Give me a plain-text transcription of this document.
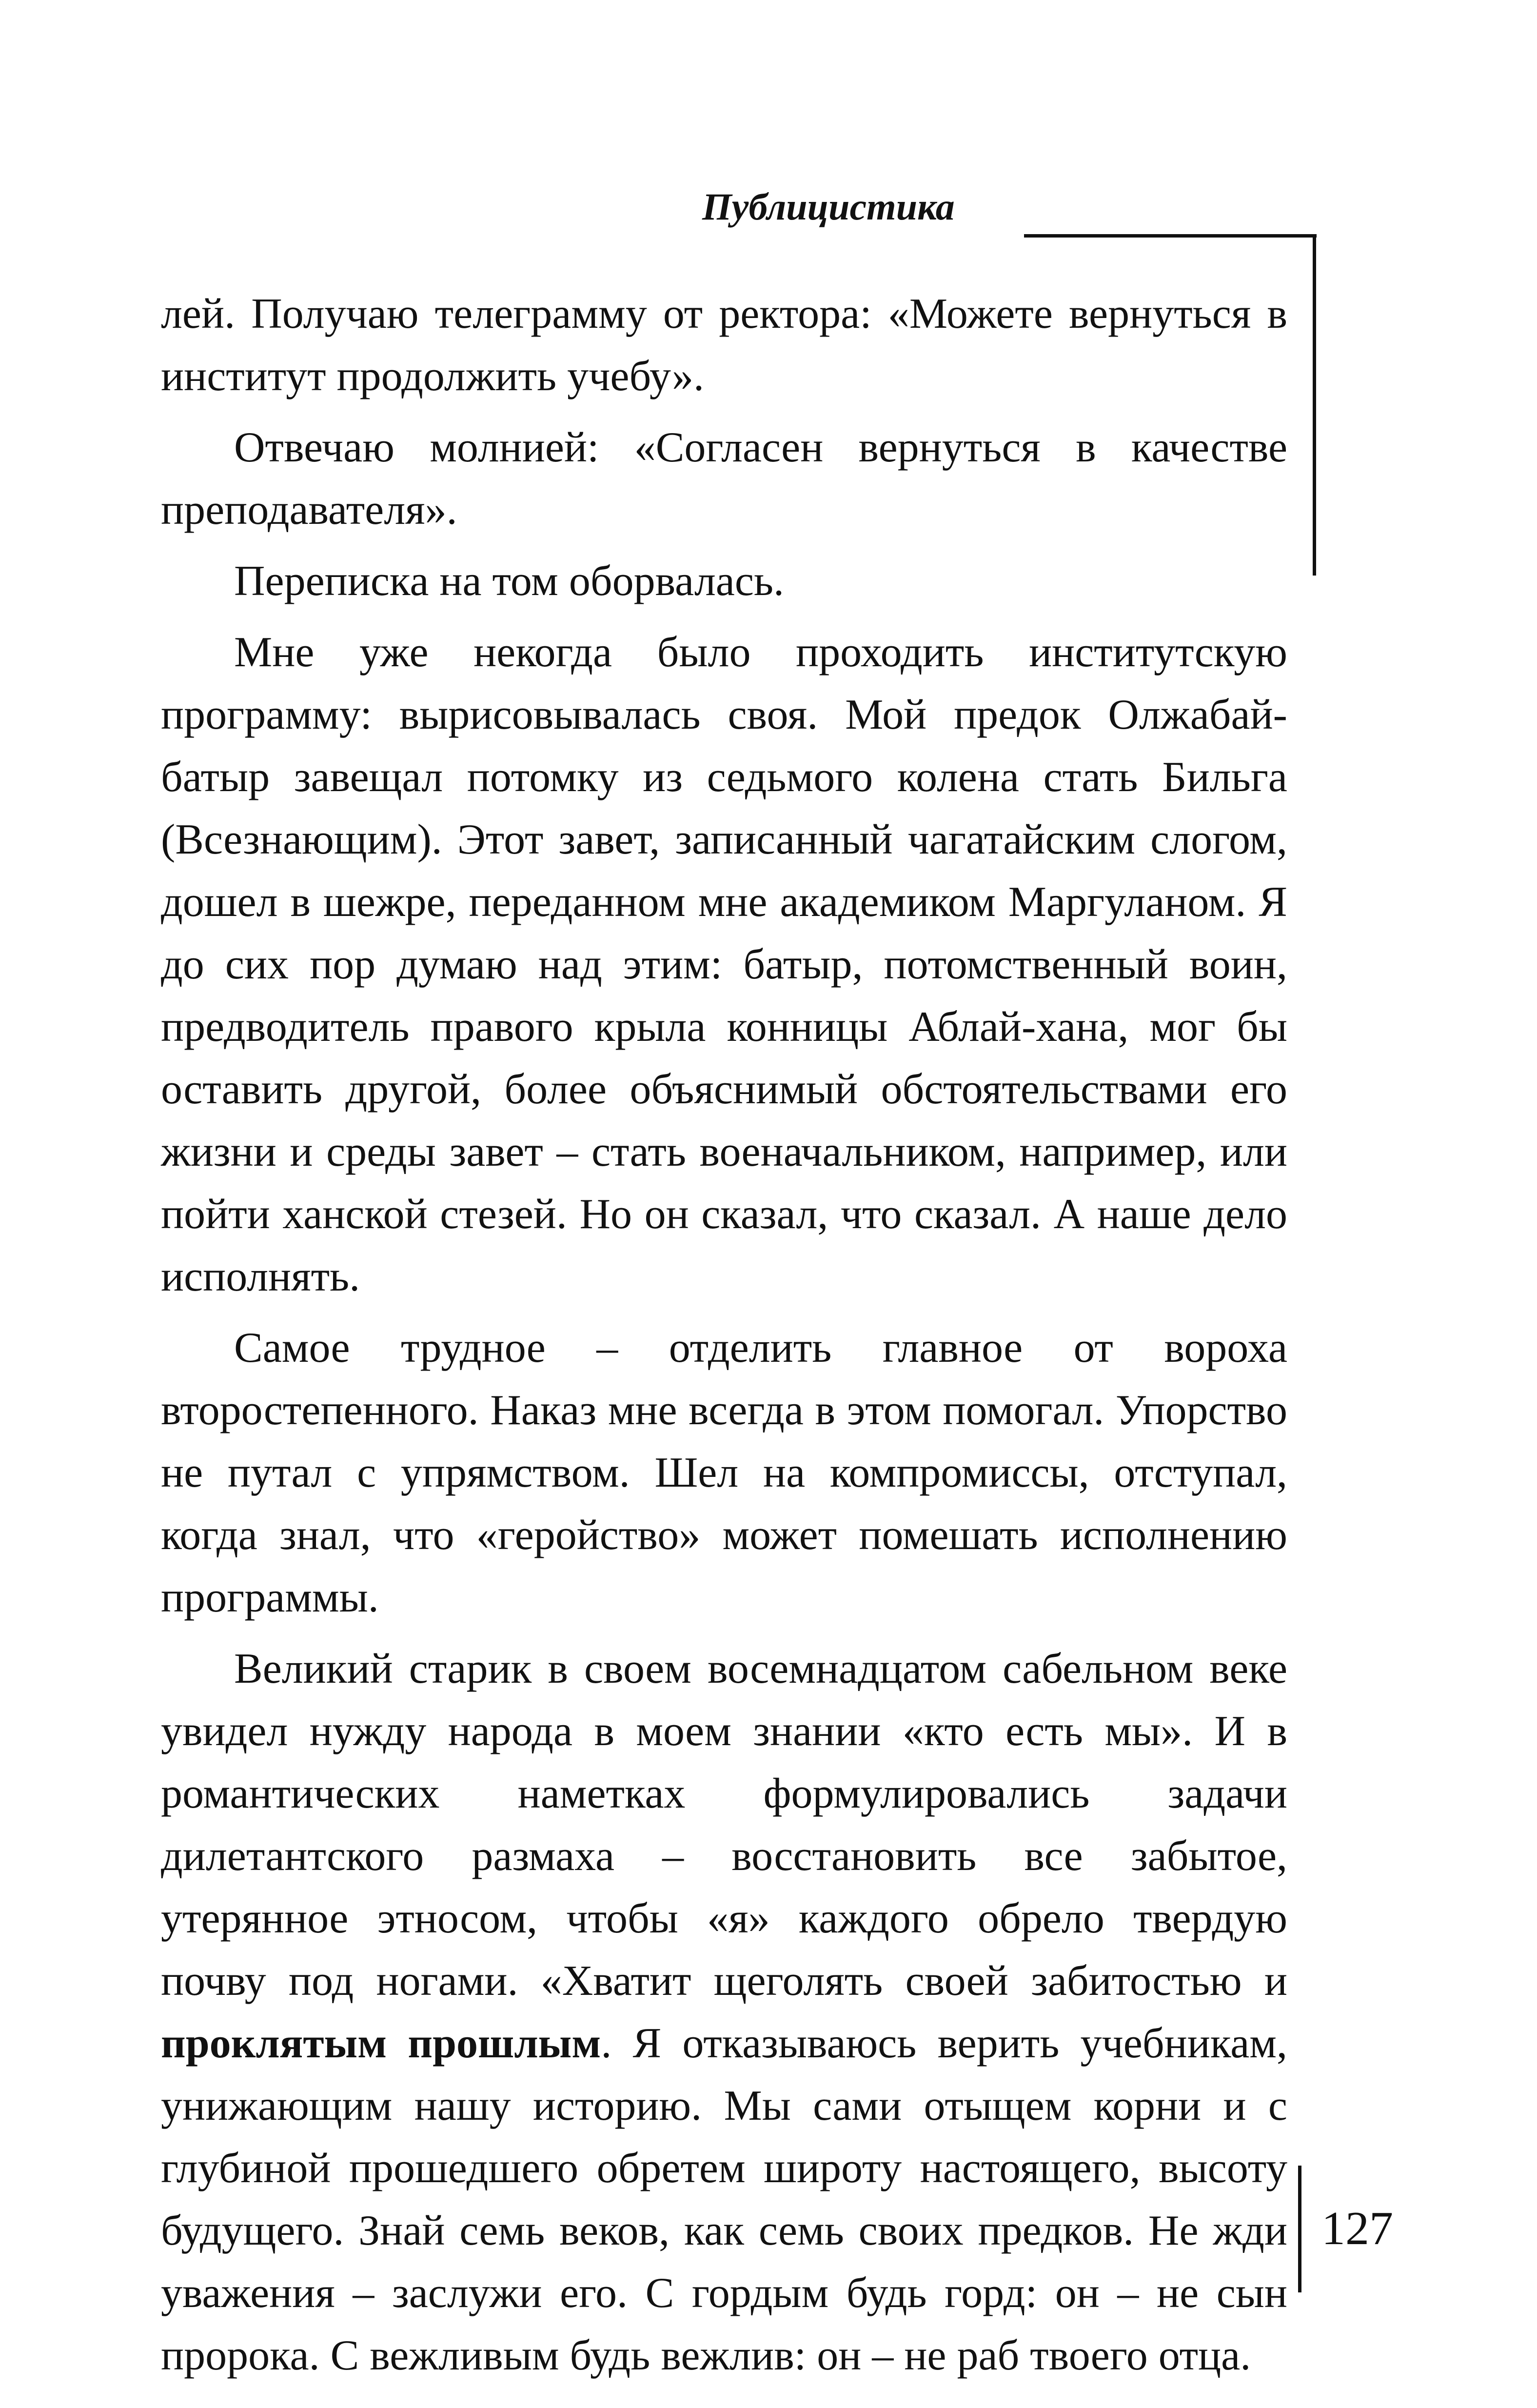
Публицистика

лей. Получаю телеграмму от ректора: «Можете вернуться в институт продолжить учебу».

Отвечаю молнией: «Согласен вернуться в качестве преподавателя».

Переписка на том оборвалась.

Мне уже некогда было проходить институтскую программу: вырисовывалась своя. Мой предок Олжабай-батыр завещал потомку из седьмого колена стать Бильга (Всезнающим). Этот завет, записанный чагатайским слогом, дошел в шежре, переданном мне академиком Маргуланом. Я до сих пор думаю над этим: батыр, потомственный воин, предводитель правого крыла конницы Аблай-хана, мог бы оставить другой, более объяснимый обстоятельствами его жизни и среды завет – стать военачальником, например, или пойти ханской стезей. Но он сказал, что сказал. А наше дело исполнять.

Самое трудное – отделить главное от вороха второстепенного. Наказ мне всегда в этом помогал. Упорство не путал с упрямством. Шел на компромиссы, отступал, когда знал, что «геройство» может помешать исполнению программы.

Великий старик в своем восемнадцатом сабельном веке увидел нужду народа в моем знании «кто есть мы». И в романтических наметках формулировались задачи дилетантского размаха – восстановить все забытое, утерянное этносом, чтобы «я» каждого обрело твердую почву под ногами. «Хватит щеголять своей забитостью и проклятым прошлым. Я отказываюсь верить учебникам, унижающим нашу историю. Мы сами отыщем корни и с глубиной прошедшего обретем широту настоящего, высоту будущего. Знай семь веков, как семь своих предков. Не жди уважения – заслужи его. С гордым будь горд: он – не сын пророка. С вежливым будь вежлив: он – не раб твоего отца.

127
